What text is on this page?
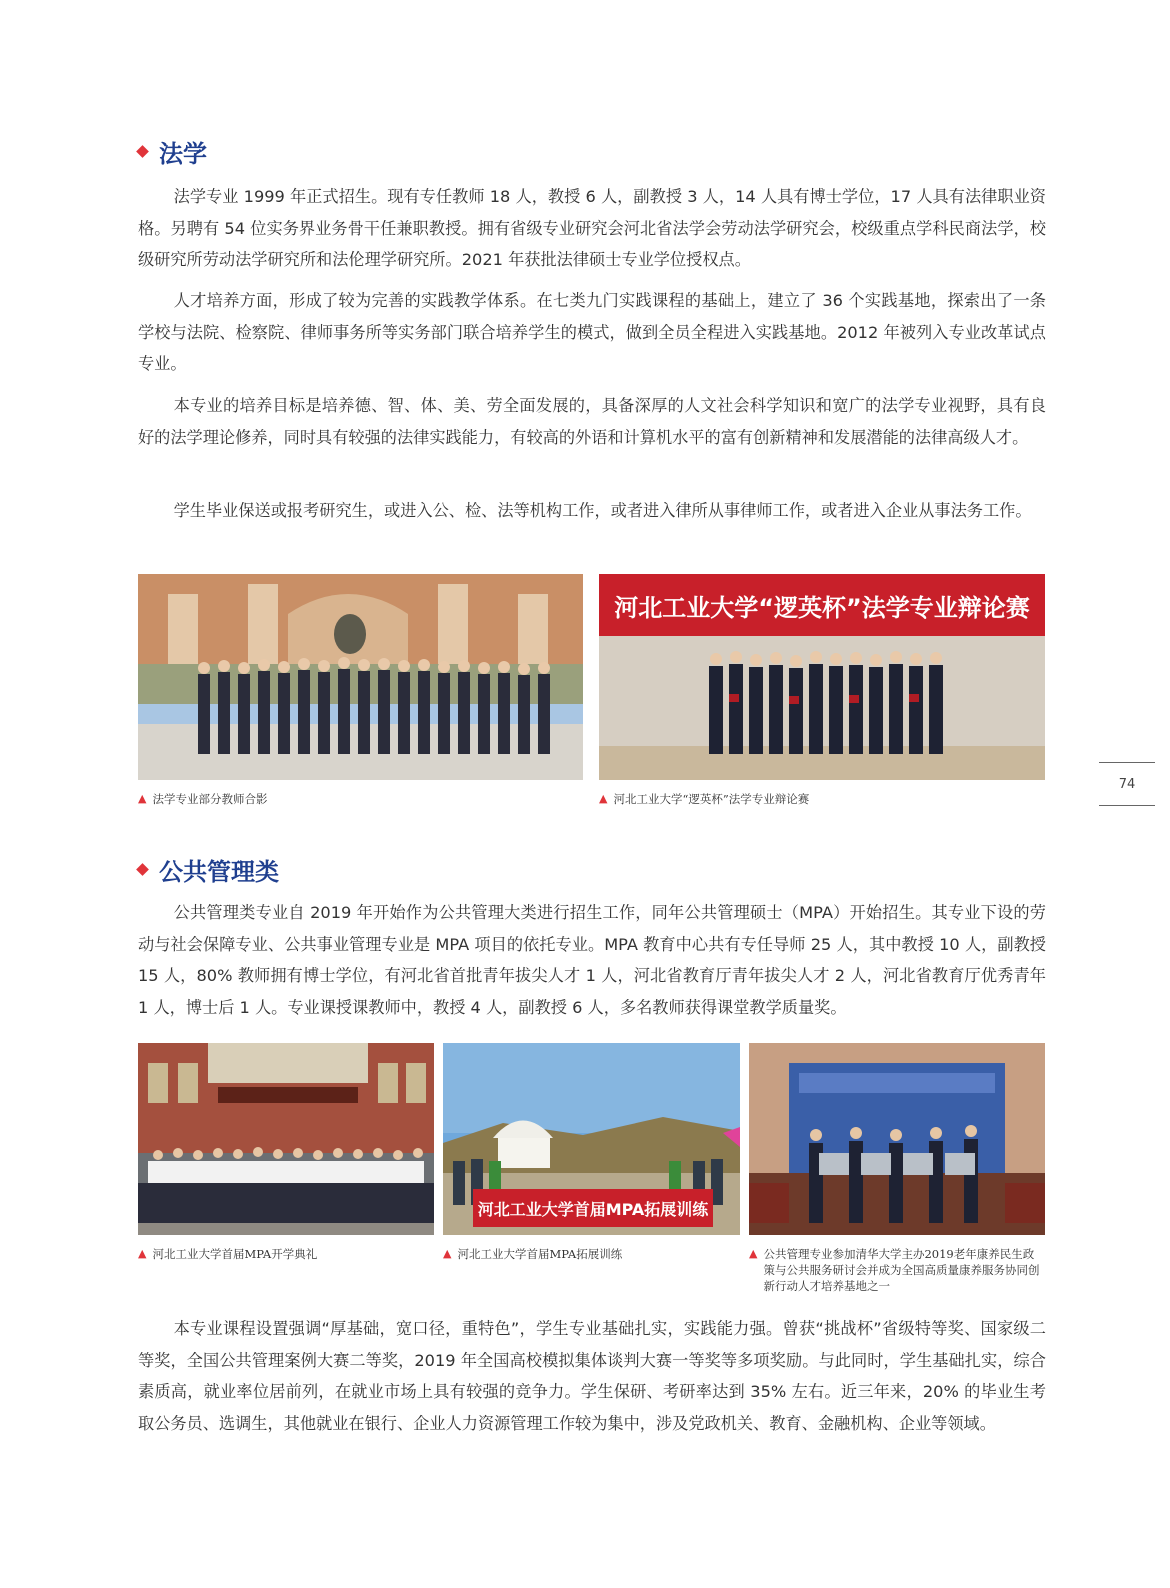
法学

法学专业 1999 年正式招生。现有专任教师 18 人，教授 6 人，副教授 3 人，14 人具有博士学位，17 人具有法律职业资格。另聘有 54 位实务界业务骨干任兼职教授。拥有省级专业研究会河北省法学会劳动法学研究会，校级重点学科民商法学，校级研究所劳动法学研究所和法伦理学研究所。2021 年获批法律硕士专业学位授权点。

人才培养方面，形成了较为完善的实践教学体系。在七类九门实践课程的基础上，建立了 36 个实践基地，探索出了一条学校与法院、检察院、律师事务所等实务部门联合培养学生的模式，做到全员全程进入实践基地。2012 年被列入专业改革试点专业。

本专业的培养目标是培养德、智、体、美、劳全面发展的，具备深厚的人文社会科学知识和宽广的法学专业视野，具有良好的法学理论修养，同时具有较强的法律实践能力，有较高的外语和计算机水平的富有创新精神和发展潜能的法律高级人才。

学生毕业保送或报考研究生，或进入公、检、法等机构工作，或者进入律所从事律师工作，或者进入企业从事法务工作。

▲ 法学专业部分教师合影
河北工业大学“逻英杯”法学专业辩论赛
▲ 河北工业大学“逻英杯”法学专业辩论赛
74
公共管理类

公共管理类专业自 2019 年开始作为公共管理大类进行招生工作，同年公共管理硕士（MPA）开始招生。其专业下设的劳动与社会保障专业、公共事业管理专业是 MPA 项目的依托专业。MPA 教育中心共有专任导师 25 人，其中教授 10 人，副教授 15 人，80% 教师拥有博士学位，有河北省首批青年拔尖人才 1 人，河北省教育厅青年拔尖人才 2 人，河北省教育厅优秀青年 1 人，博士后 1 人。专业课授课教师中，教授 4 人，副教授 6 人，多名教师获得课堂教学质量奖。

▲ 河北工业大学首届MPA开学典礼
河北工业大学首届MPA拓展训练
▲ 河北工业大学首届MPA拓展训练	▲ 公共管理专业参加清华大学主办2019老年康养民生政策与公共服务研讨会并成为全国高质量康养服务协同创新行动人才培养基地之一

本专业课程设置强调“厚基础，宽口径，重特色”，学生专业基础扎实，实践能力强。曾获“挑战杯”省级特等奖、国家级二等奖，全国公共管理案例大赛二等奖，2019 年全国高校模拟集体谈判大赛一等奖等多项奖励。与此同时，学生基础扎实，综合素质高，就业率位居前列，在就业市场上具有较强的竞争力。学生保研、考研率达到 35% 左右。近三年来，20% 的毕业生考取公务员、选调生，其他就业在银行、企业人力资源管理工作较为集中，涉及党政机关、教育、金融机构、企业等领域。
